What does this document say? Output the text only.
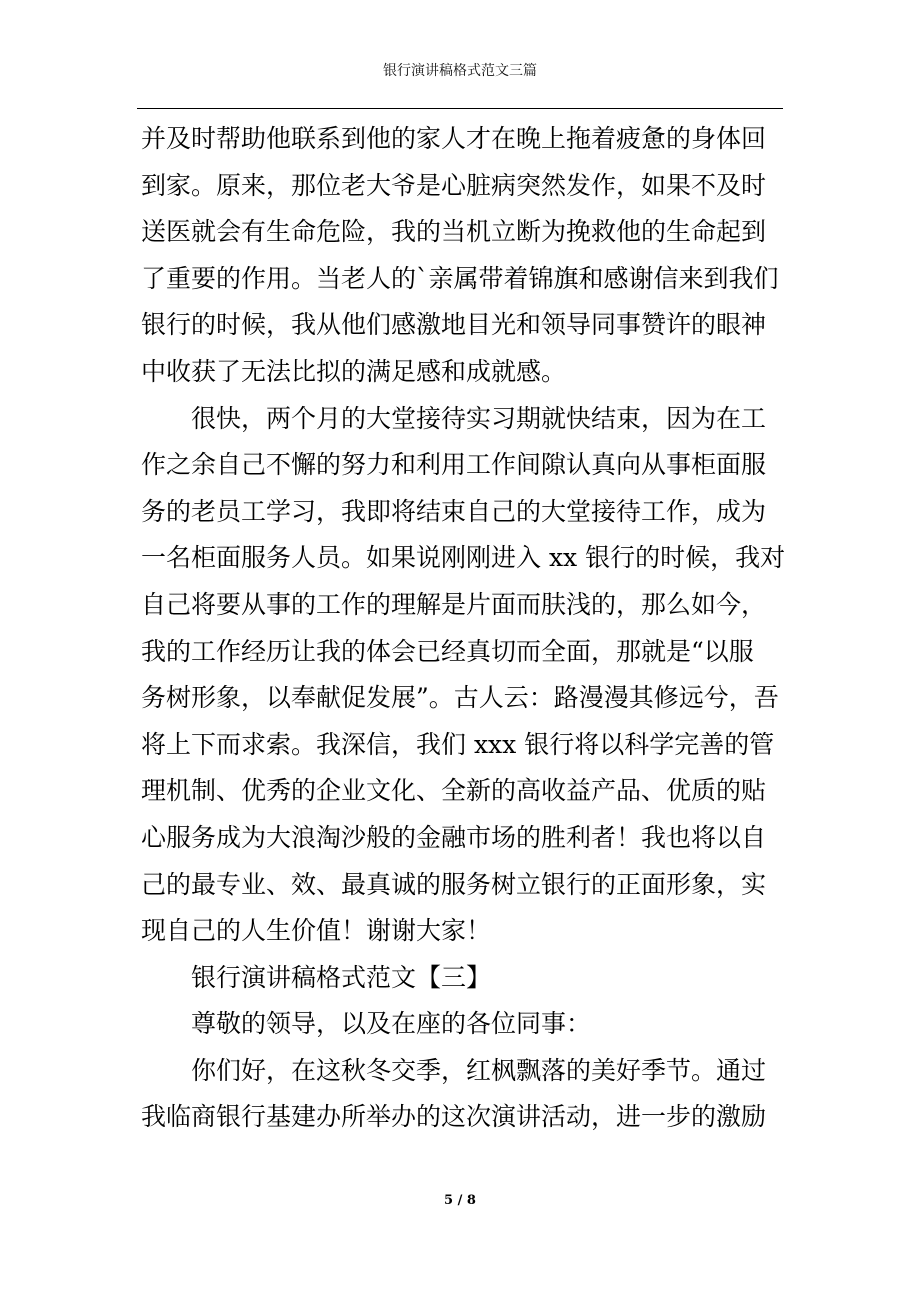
银行演讲稿格式范文三篇
并及时帮助他联系到他的家人才在晚上拖着疲惫的身体回
到家。原来，那位老大爷是心脏病突然发作，如果不及时
送医就会有生命危险，我的当机立断为挽救他的生命起到
了重要的作用。当老人的`亲属带着锦旗和感谢信来到我们
银行的时候，我从他们感激地目光和领导同事赞许的眼神
中收获了无法比拟的满足感和成就感。
很快，两个月的大堂接待实习期就快结束，因为在工
作之余自己不懈的努力和利用工作间隙认真向从事柜面服
务的老员工学习，我即将结束自己的大堂接待工作，成为
一名柜面服务人员。如果说刚刚进入 xx 银行的时候，我对
自己将要从事的工作的理解是片面而肤浅的，那么如今，
我的工作经历让我的体会已经真切而全面，那就是“以服
务树形象，以奉献促发展”。古人云：路漫漫其修远兮，吾
将上下而求索。我深信，我们 xxx 银行将以科学完善的管
理机制、优秀的企业文化、全新的高收益产品、优质的贴
心服务成为大浪淘沙般的金融市场的胜利者！我也将以自
己的最专业、效、最真诚的服务树立银行的正面形象，实
现自己的人生价值！谢谢大家！
银行演讲稿格式范文【三】
尊敬的领导，以及在座的各位同事：
你们好，在这秋冬交季，红枫飘落的美好季节。通过
我临商银行基建办所举办的这次演讲活动，进一步的激励
5 / 8
